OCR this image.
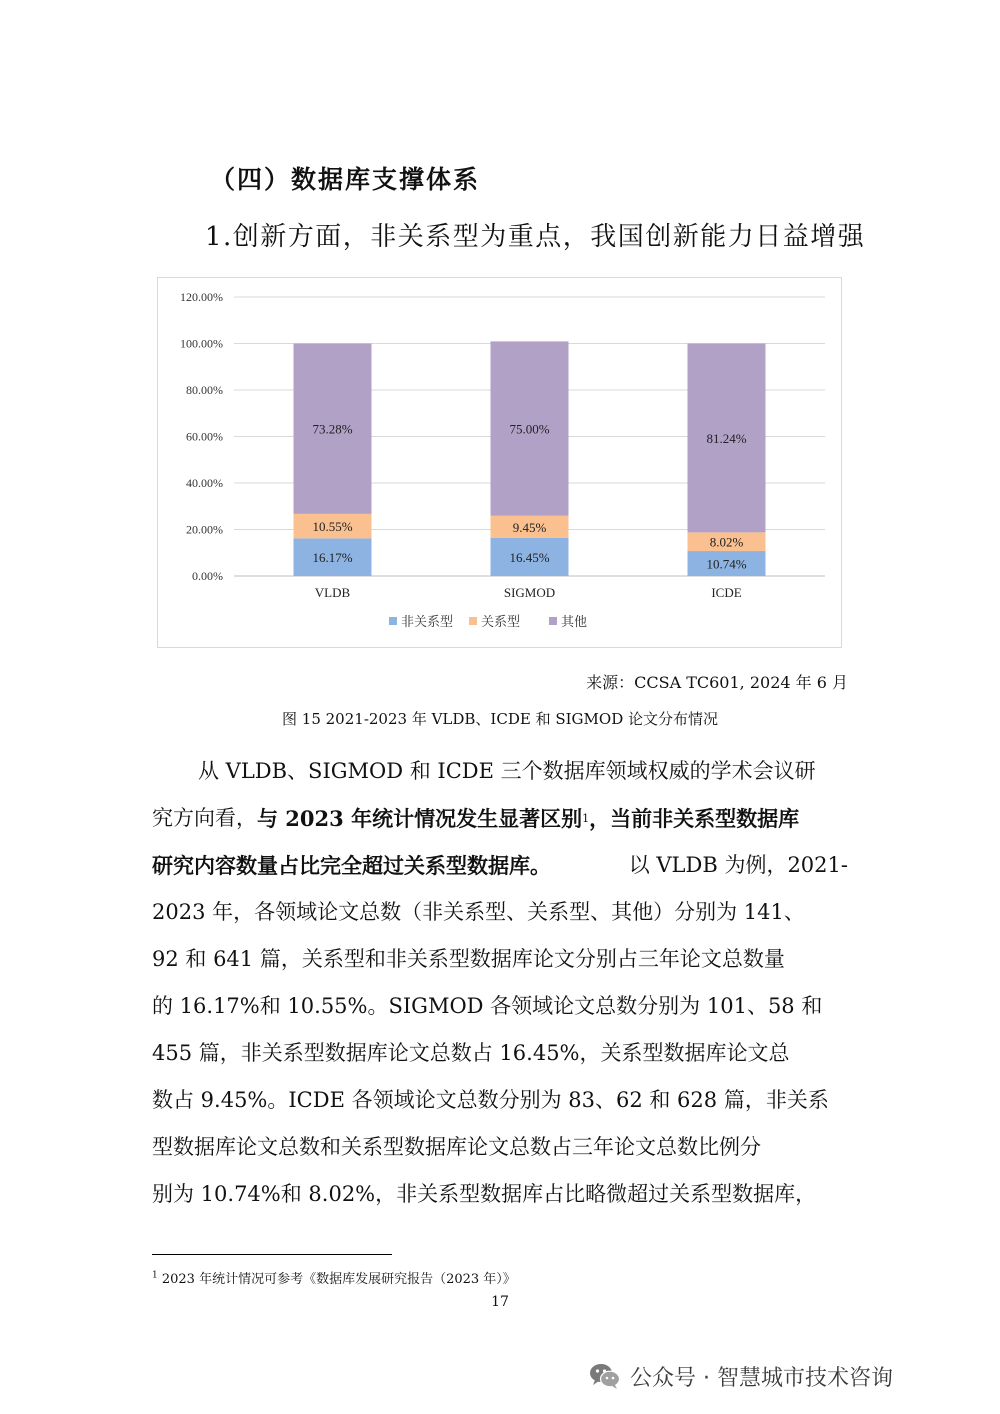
（四）数据库支撑体系
1.创新方面，非关系型为重点，我国创新能力日益增强
0.00%
20.00%
40.00%
60.00%
80.00%
100.00%
120.00%
16.17%
10.55%
73.28%
VLDB
16.45%
9.45%
75.00%
SIGMOD
10.74%
8.02%
81.24%
ICDE
非关系型 关系型	其他
来源：CCSA TC601, 2024 年 6 月
图 15 2021-2023 年 VLDB、ICDE 和 SIGMOD 论文分布情况
从 VLDB、SIGMOD 和 ICDE 三个数据库领域权威的学术会议研
究方向看， 与 2023 年统计情况发生显著区别 1 ，当前非关系型数据库
研究内容数量占比完全超过关系型数据库。	以 VLDB 为例，2021-
2023 年，各领域论文总数（非关系型、关系型、其他）分别为 141、
92 和 641 篇，关系型和非关系型数据库论文分别占三年论文总数量
的 16.17%和 10.55%。SIGMOD 各领域论文总数分别为 101、58 和
455 篇，非关系型数据库论文总数占 16.45%，关系型数据库论文总
数占 9.45%。ICDE 各领域论文总数分别为 83、62 和 628 篇，非关系
型数据库论文总数和关系型数据库论文总数占三年论文总数比例分
别为 10.74%和 8.02%，非关系型数据库占比略微超过关系型数据库，
$^1$ 2023 年统计情况可参考《数据库发展研究报告（2023 年）》
17
公众号 · 智慧城市技术咨询
